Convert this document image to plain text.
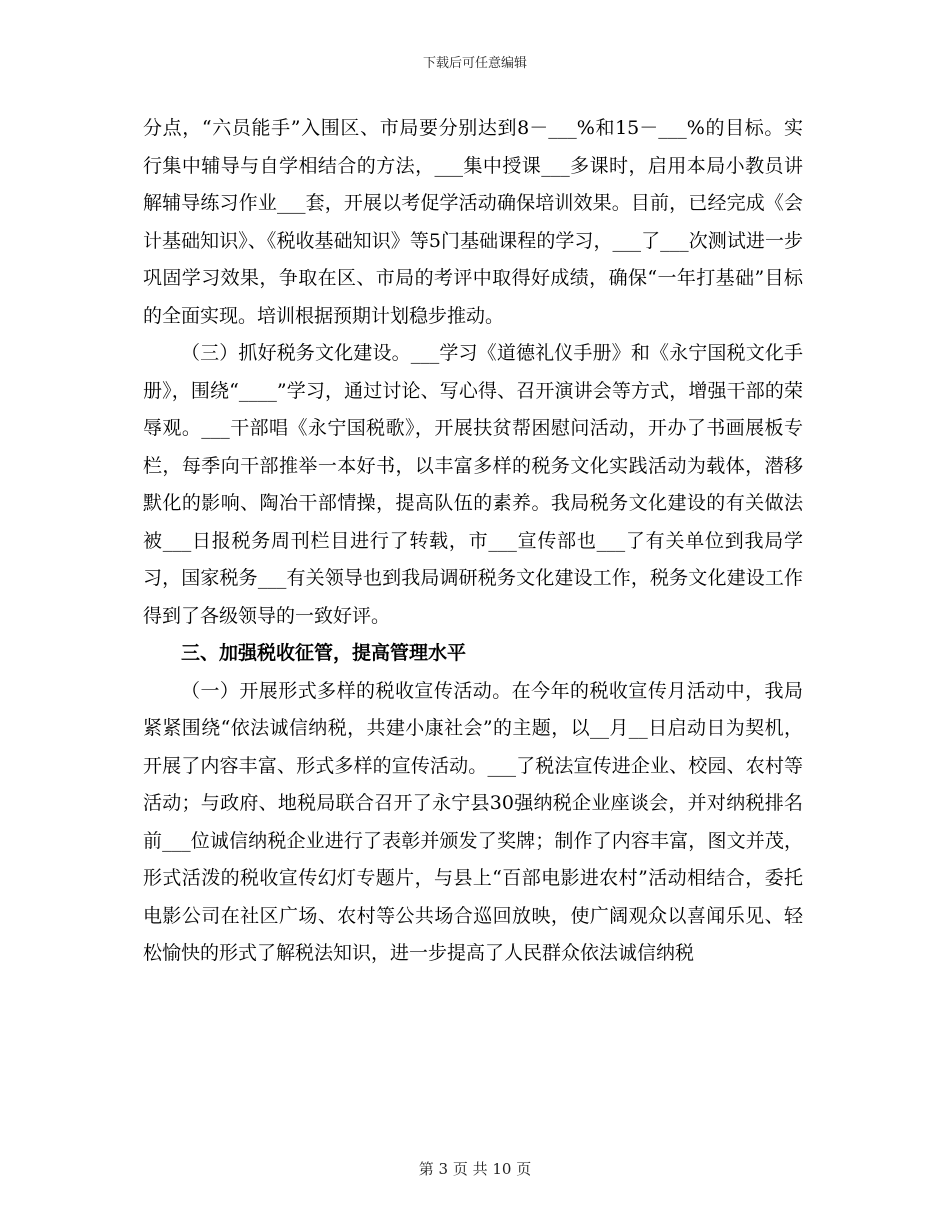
下载后可任意编辑

分点，“六员能手”入围区、市局要分别达到8－___%和15－___%的目标。实行集中辅导与自学相结合的方法，___集中授课___多课时，启用本局小教员讲解辅导练习作业___套，开展以考促学活动确保培训效果。目前，已经完成《会计基础知识》、《税收基础知识》等5门基础课程的学习，___了___次测试进一步巩固学习效果，争取在区、市局的考评中取得好成绩，确保“一年打基础”目标的全面实现。培训根据预期计划稳步推动。

（三）抓好税务文化建设。___学习《道德礼仪手册》和《永宁国税文化手册》，围绕“____”学习，通过讨论、写心得、召开演讲会等方式，增强干部的荣辱观。___干部唱《永宁国税歌》，开展扶贫帮困慰问活动，开办了书画展板专栏，每季向干部推举一本好书，以丰富多样的税务文化实践活动为载体，潜移默化的影响、陶冶干部情操，提高队伍的素养。我局税务文化建设的有关做法被___日报税务周刊栏目进行了转载，市___宣传部也___了有关单位到我局学习，国家税务___有关领导也到我局调研税务文化建设工作，税务文化建设工作得到了各级领导的一致好评。

三、加强税收征管，提高管理水平

（一）开展形式多样的税收宣传活动。在今年的税收宣传月活动中，我局紧紧围绕“依法诚信纳税，共建小康社会”的主题，以__月__日启动日为契机，开展了内容丰富、形式多样的宣传活动。___了税法宣传进企业、校园、农村等活动；与政府、地税局联合召开了永宁县30强纳税企业座谈会，并对纳税排名前___位诚信纳税企业进行了表彰并颁发了奖牌；制作了内容丰富，图文并茂，形式活泼的税收宣传幻灯专题片，与县上“百部电影进农村”活动相结合，委托电影公司在社区广场、农村等公共场合巡回放映，使广阔观众以喜闻乐见、轻松愉快的形式了解税法知识，进一步提高了人民群众依法诚信纳税

第 3 页 共 10 页
